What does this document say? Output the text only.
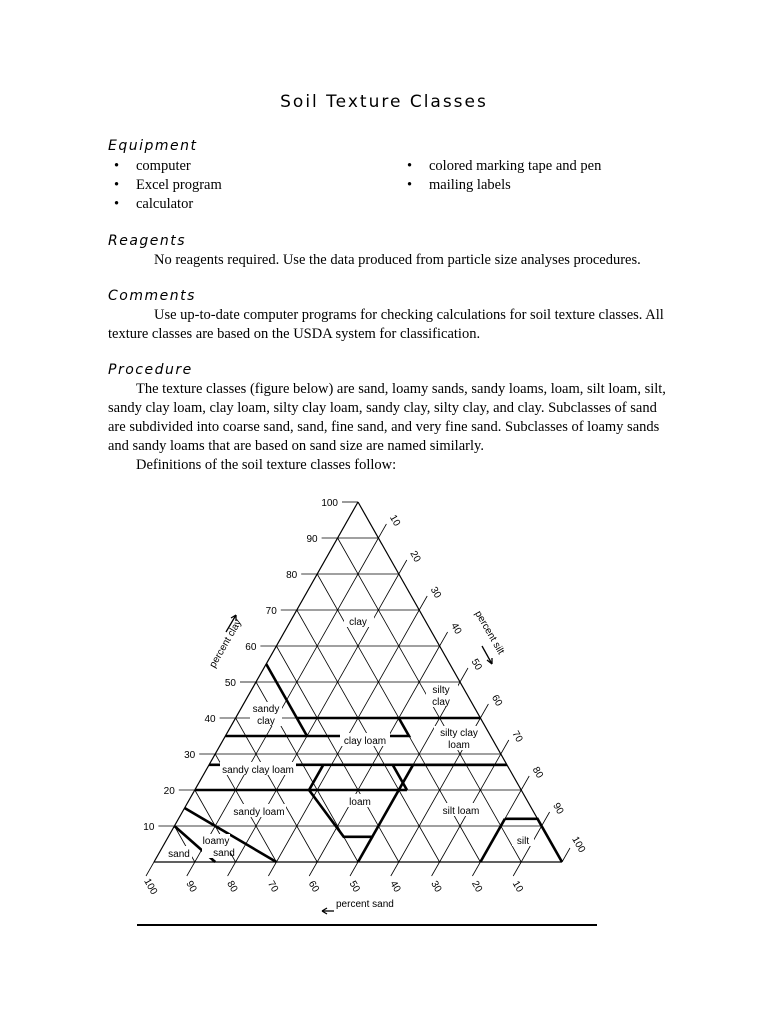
Soil Texture Classes
Equipment
• computer
• Excel program
• calculator
• colored marking tape and pen
• mailing labels
Reagents

No reagents required. Use the data produced from particle size analyses procedures.

Comments

Use up-to-date computer programs for checking calculations for soil texture classes. All texture classes are based on the USDA system for classification.

Procedure

The texture classes (figure below) are sand, loamy sands, sandy loams, loam, silt loam, silt, sandy clay loam, clay loam, silty clay loam, sandy clay, silty clay, and clay. Subclasses of sand are subdivided into coarse sand, sand, fine sand, and very fine sand. Subclasses of loamy sands and sandy loams that are based on sand size are named similarly.

Definitions of the soil texture classes follow:

10
10
20
20
30
30
40
40
50
50
60
60
70
70
80
80
90
90
100
100
100 90	80	70	60	50	40	30	20	10
clay
silty
clay
sandy
clay
silty clay
loam
clay loam
sandy clay loam
loam
sandy loam	silt loam
loamy
sand
sand
silt
percent clay	percent silt
percent sand
